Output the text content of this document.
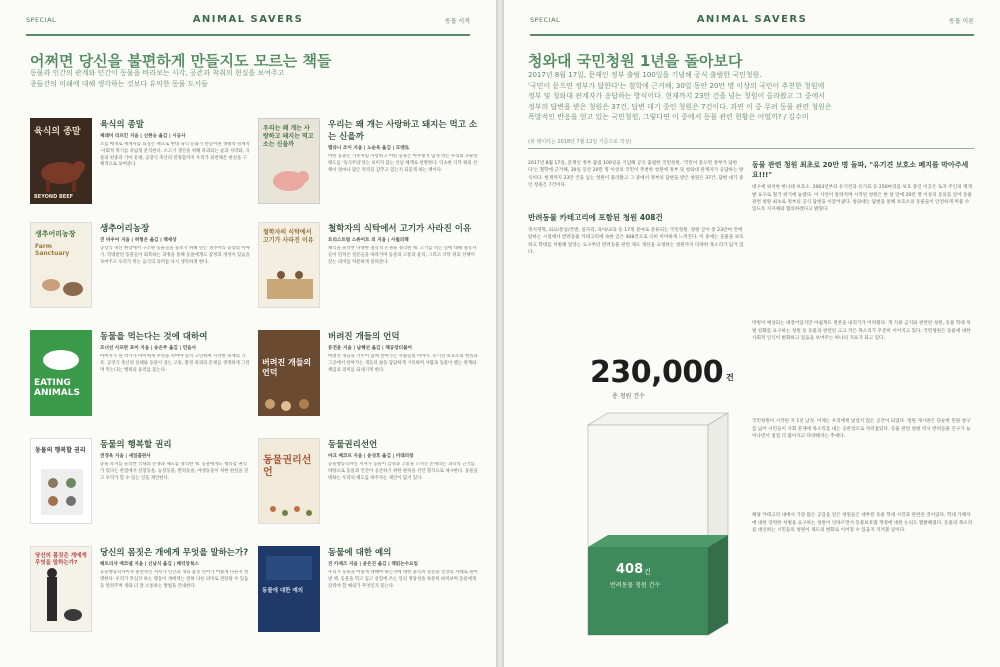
SPECIAL	ANIMAL SAVERS	동물 서적
어쩌면 당신을 불편하게 만들지도 모르는 책들
동물과 인간의 관계와 인간이 동물을 바라보는 시각, 공존과 착취의 현실을 보여주고
종들간의 미래에 대해 생각하는 것보다 유익한 동물 도서들
육식의 종말
BEYOND BEEF
육식의 종말
제레미 리프킨 지음 | 신현승 옮김 | 시공사
소를 매개로 세계사를 되짚은 책으로 현대 육식 문화가 만들어낸 생태적·경제적·사회적 위기를 폭넓게 분석한다. 소고기 생산을 위해 파괴되는 숲과 사막화, 곡물의 편중과 기아 문제, 공장식 축산의 잔혹함까지 우리가 외면해온 현실을 구체적으로 보여준다.
우리는 왜 개는 사랑하고 돼지는 먹고 소는 신을까
우리는 왜 개는 사랑하고 돼지는 먹고 소는 신을까
멜라니 조이 지음 | 노순옥 옮김 | 모멘토
어떤 동물은 가족처럼 사랑하고 어떤 동물은 아무렇지 않게 먹는 우리의 모순된 태도를 '육식주의'라는 보이지 않는 신념 체계로 설명한다. 익숙한 식탁 위의 선택이 얼마나 많은 폭력을 감추고 있는지 되묻게 하는 책이다.
생추어리농장
Farm Sanctuary
생추어리농장
진 바우어 지음 | 허형은 옮김 | 책세상
공장식 축산 현장에서 구조한 동물들을 돌보기 위해 만든 생추어리 농장의 이야기. 학대받던 동물들이 회복하는 과정을 통해 동물에게도 감정과 개성이 있음을 보여주고 우리가 먹는 음식의 의미를 다시 생각하게 한다.
철학자의 식탁에서 고기가 사라진 이유
철학자의 식탁에서 고기가 사라진 이유
트리스트럼 스튜어트 외 지음 | 사월의책
채식을 둘러싼 다양한 철학적 논쟁을 정리한 책. 고기를 먹는 일에 대해 철학자들이 던져온 질문들을 따라가며 동물의 고통과 윤리, 그리고 식탁 위의 선택이 갖는 의미를 차분하게 살펴본다.
EATING ANIMALS
동물을 먹는다는 것에 대하여
조너선 사프란 포어 지음 | 송은주 옮김 | 민음사
아버지가 된 작가가 아이에게 무엇을 먹여야 할지 고민하며 시작한 취재의 기록. 공장식 축산의 실태와 동물이 겪는 고통, 환경 파괴의 문제를 생생하게 그리며 먹는다는 행위의 윤리를 묻는다.
버려진 개들의 언덕
버려진 개들의 언덕
류전윤 지음 | 남혜선 옮김 | 책공장더불어
버려진 개들을 거두어 함께 살아가는 사람들의 이야기. 유기견 보호소의 현실과 그곳에서 살아가는 개들의 삶을 담담하게 기록하며 사람과 동물이 맺는 관계와 책임의 의미를 되새기게 한다.
동물의 행복할 권리
동물의 행복할 권리
전경옥 지음 | 새잎출판사
동물 복지를 둘러싼 국내외 논쟁과 제도를 정리한 책. 동물에게도 행복할 권리가 있다는 관점에서 실험동물, 농장동물, 반려동물, 야생동물이 처한 현실을 짚고 우리가 할 수 있는 일을 제안한다.
동물권리선언
동물권리선언
마크 베코프 지음 | 윤성호 옮김 | 미래의창
동물행동학자인 저자가 동물이 감정과 고통을 느끼는 존재라는 과학적 근거를 바탕으로 동물과 인간이 공존하기 위한 원칙을 선언 형식으로 제시한다. 동물을 대하는 우리의 태도를 바꾸자는 제안이 담겨 있다.
당신의 몸짓은 개에게 무엇을 말하는가?
당신의 몸짓은 개에게 무엇을 말하는가?
패트리샤 맥코넬 지음 | 신남식 옮김 | 페티앙북스
동물행동학자이자 훈련사인 저자가 인간과 개의 몸짓 언어가 어떻게 다른지 설명한다. 우리가 무심코 하는 행동이 개에게는 전혀 다른 의미로 전달될 수 있음을 알려주며 개와 더 잘 소통하는 방법을 안내한다.
동물에 대한 예의
동물에 대한 예의
진 카제즈 지음 | 윤은진 옮김 | 책읽는수요일
우리가 동물을 어떻게 대해야 하는지에 대한 윤리적 질문을 일상의 사례로 풀어낸 책. 동물을 먹고 입고 실험에 쓰는 일의 정당성을 차분히 따져보며 동물에게 갖춰야 할 예의가 무엇인지 묻는다.
SPECIAL	ANIMAL SAVERS	동물 이론
청와대 국민청원 1년을 돌아보다
2017년 8월 17일, 문재인 정부 출범 100일을 기념해 공식 출범한 국민청원.
'국민이 묻으면 정부가 답한다'는 철학에 근거해, 30일 동안 20만 명 이상의 국민이 추천한 청원에
정부 및 청와대 관계자가 응답하는 방식이다. 현재까지 23만 건을 넘는 청원이 올라왔고 그 중에서
정부의 답변을 받은 청원은 37건, 답변 대기 중인 청원은 7건이다. 과연 이 중 무려 동물 관련 청원은
폭발적인 반응을 얻고 있는 국민청원, 그렇다면 이 중에서 동물 관련 현황은 어떨까? / 김수미
(위 데이터는 2018년 7월 12일 기준으로 작성)
2017년 8월 17일, 문재인 정부 출범 100일을 기념해 공식 출범한 국민청원. '국민이 묻으면 정부가 답한다'는 철학에 근거해, 30일 동안 20만 명 이상의 국민이 추천한 청원에 정부 및 청와대 관계자가 응답하는 방식이다. 현재까지 23만 건을 넘는 청원이 올라왔고 그 중에서 정부의 답변을 받은 청원은 37건, 답변 대기 중인 청원은 7건이다.
반려동물 카테고리에 포함된 청원 408건
정치개혁, 외교/통일/국방, 일자리, 육아/교육 등 17개 분야로 분류되는 국민청원. 청원 글이 총 23만여 건에 달하는 시점에서 반려동물 카테고리에 속한 글은 408건으로 극히 미미하게 느껴진다. 이 중에는 동물을 보호하고 학대를 처벌해 달라는 요구부터 반려동물 관련 제도 개선을 요청하는 청원까지 다양한 목소리가 담겨 있다.
230,000 건
총 청원 건수
408 건
반려동물 청원 건수
동물 관련 청원 최초로 20만 명 돌파, "유기견 보호소 폐지를 막아주세요!!!"
대구에 위치한 한나네 보호소. 2003년부터 유기견과 유기묘 등 250마리를 보호 중인 이곳은 토지 주인의 재개발 요구로 철거 위기에 놓였다. 이 사연이 알려지며 시작된 청원은 한 달 만에 20만 명 이상의 동의를 얻어 동물 관련 청원 최초로 정부의 공식 답변을 이끌어냈다. 청와대는 답변을 통해 보호소의 동물들이 안전하게 머물 수 있도록 지자체와 협의하겠다고 밝혔다.
박빙이 예상되는 대결이었지만 아쉽게도 결론을 내리기가 어려웠다. 개 식용 금지와 관련된 청원, 동물 학대 처벌 강화를 요구하는 청원 등 동물과 관련된 크고 작은 목소리가 꾸준히 이어지고 있다. 국민청원은 동물에 대한 사회적 인식이 변화하고 있음을 보여주는 하나의 지표가 되고 있다.
국민청원이 시작된 지 1년 남짓. 이제는 우리에게 낯설지 않은 공간이 되었다. 청원 게시판은 단순한 민원 창구를 넘어 시민들이 사회 문제에 목소리를 내는 공론장으로 자리잡았다. 동물 관련 청원 역시 반려동물 인구가 늘어나면서 점점 더 많아지고 다양해지는 추세다.
해당 카테고리 내에서 가장 많은 공감을 얻은 청원들은 대부분 동물 학대 사건과 관련된 것이었다. 학대 가해자에 대한 강력한 처벌을 요구하는 청원이 잇따르면서 동물보호법 개정에 대한 논의도 활발해졌다. 동물의 목소리를 대신하는 시민들의 청원이 제도의 변화로 이어질 수 있을지 지켜볼 일이다.
